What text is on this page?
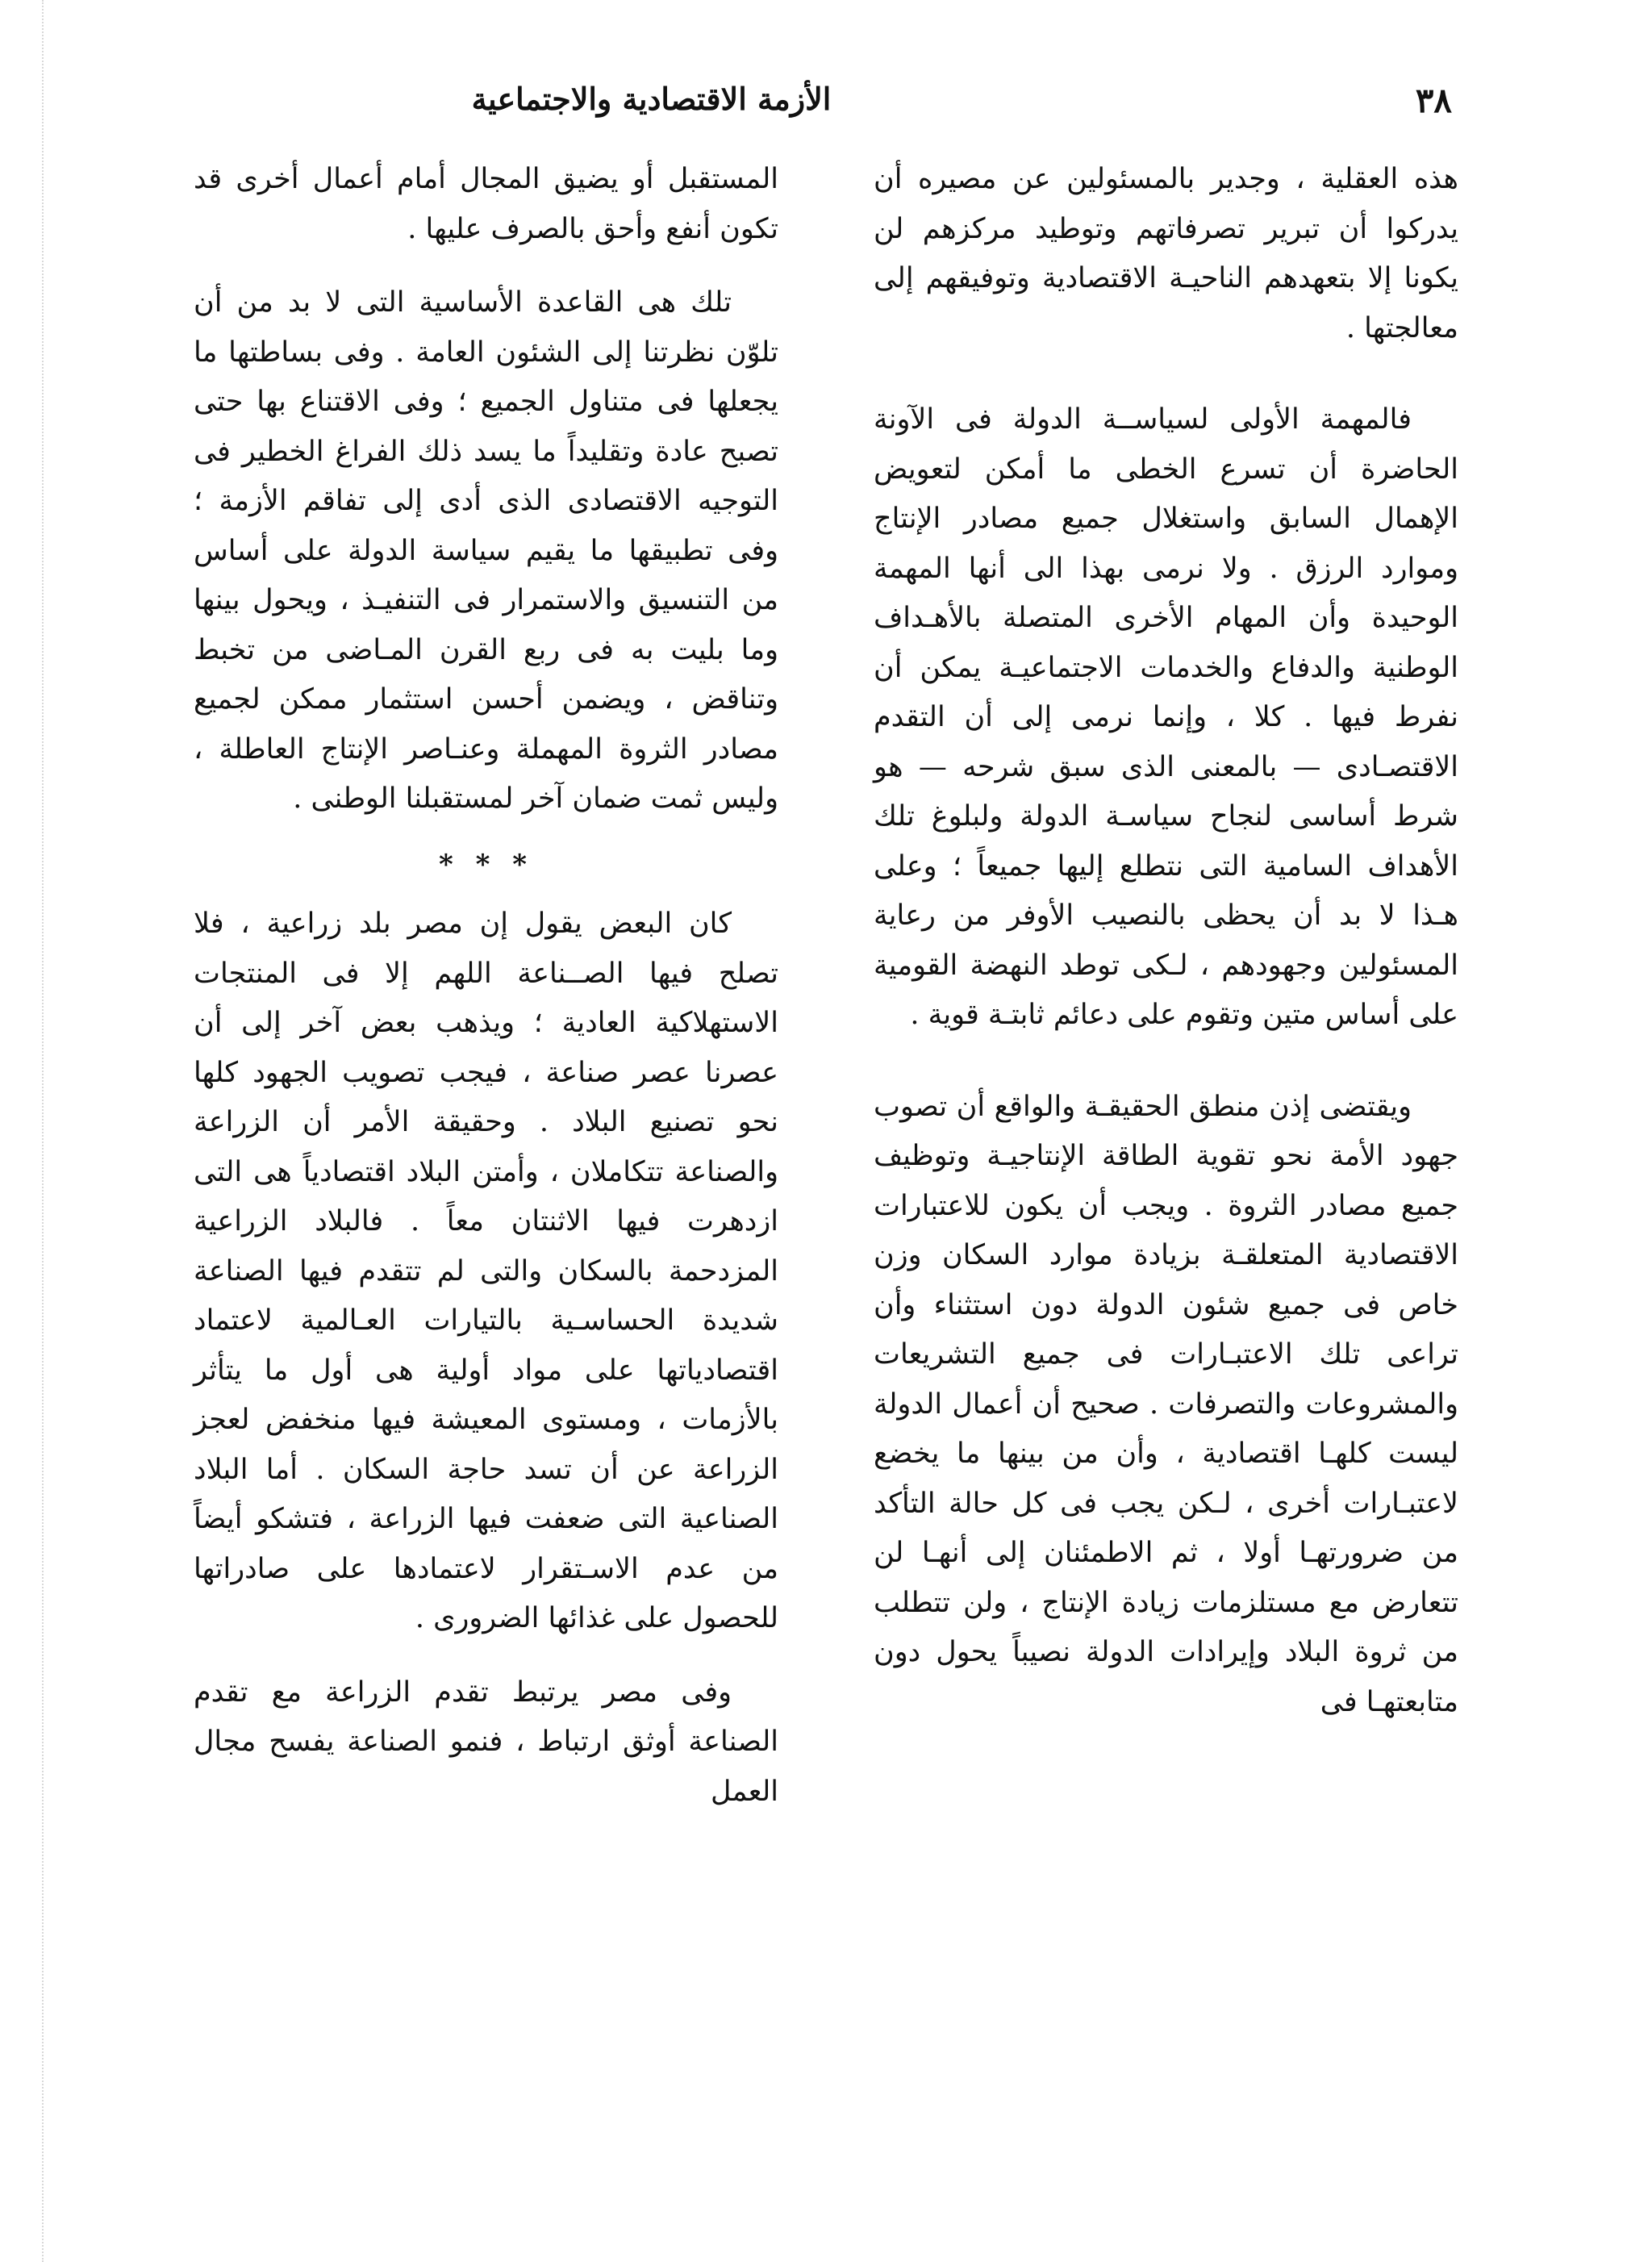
٣٨
الأزمة الاقتصادية والاجتماعية

هذه العقلية ، وجدير بالمسئولين عن مصيره أن يدركوا أن تبرير تصرفاتهم وتوطيد مركزهم لن يكونا إلا بتعهدهم الناحيـة الاقتصادية وتوفيقهم إلى معالجتها .

فالمهمة الأولى لسياســة الدولة فى الآونة الحاضرة أن تسرع الخطى ما أمكن لتعويض الإهمال السابق واستغلال جميع مصادر الإنتاج وموارد الرزق . ولا نرمى بهذا الى أنها المهمة الوحيدة وأن المهام الأخرى المتصلة بالأهـداف الوطنية والدفاع والخدمات الاجتماعيـة يمكن أن نفرط فيها . كلا ، وإنما نرمى إلى أن التقدم الاقتصـادى — بالمعنى الذى سبق شرحه — هو شرط أساسى لنجاح سياسـة الدولة ولبلوغ تلك الأهداف السامية التى نتطلع إليها جميعاً ؛ وعلى هـذا لا بد أن يحظى بالنصيب الأوفر من رعاية المسئولين وجهودهم ، لـكى توطد النهضة القومية على أساس متين وتقوم على دعائم ثابتـة قوية .

ويقتضى إذن منطق الحقيقـة والواقع أن تصوب جهود الأمة نحو تقوية الطاقة الإنتاجيـة وتوظيف جميع مصادر الثروة . ويجب أن يكون للاعتبارات الاقتصادية المتعلقـة بزيادة موارد السكان وزن خاص فى جميع شئون الدولة دون استثناء وأن تراعى تلك الاعتبـارات فى جميع التشريعات والمشروعات والتصرفات . صحيح أن أعمال الدولة ليست كلهـا اقتصادية ، وأن من بينها ما يخضع لاعتبـارات أخرى ، لـكن يجب فى كل حالة التأكد من ضرورتهـا أولا ، ثم الاطمئنان إلى أنهـا لن تتعارض مع مستلزمات زيادة الإنتاج ، ولن تتطلب من ثروة البلاد وإيرادات الدولة نصيباً يحول دون متابعتهـا فى

المستقبل أو يضيق المجال أمام أعمال أخرى قد تكون أنفع وأحق بالصرف عليها .

تلك هى القاعدة الأساسية التى لا بد من أن تلوّن نظرتنا إلى الشئون العامة . وفى بساطتها ما يجعلها فى متناول الجميع ؛ وفى الاقتناع بها حتى تصبح عادة وتقليداً ما يسد ذلك الفراغ الخطير فى التوجيه الاقتصادى الذى أدى إلى تفاقم الأزمة ؛ وفى تطبيقها ما يقيم سياسة الدولة على أساس من التنسيق والاستمرار فى التنفيـذ ، ويحول بينها وما بليت به فى ربع القرن المـاضى من تخبط وتناقض ، ويضمن أحسن استثمار ممكن لجميع مصادر الثروة المهملة وعنـاصر الإنتاج العاطلة ، وليس ثمت ضمان آخر لمستقبلنا الوطنى .

* * *

كان البعض يقول إن مصر بلد زراعية ، فلا تصلح فيها الصــناعة اللهم إلا فى المنتجات الاستهلاكية العادية ؛ ويذهب بعض آخر إلى أن عصرنا عصر صناعة ، فيجب تصويب الجهود كلها نحو تصنيع البلاد . وحقيقة الأمر أن الزراعة والصناعة تتكاملان ، وأمتن البلاد اقتصادياً هى التى ازدهرت فيها الاثنتان معاً . فالبلاد الزراعية المزدحمة بالسكان والتى لم تتقدم فيها الصناعة شديدة الحساسـية بالتيارات العـالمية لاعتماد اقتصادياتها على مواد أولية هى أول ما يتأثر بالأزمات ، ومستوى المعيشة فيها منخفض لعجز الزراعة عن أن تسد حاجة السكان . أما البلاد الصناعية التى ضعفت فيها الزراعة ، فتشكو أيضاً من عدم الاسـتقرار لاعتمادها على صادراتها للحصول على غذائها الضرورى .

وفى مصر يرتبط تقدم الزراعة مع تقدم الصناعة أوثق ارتباط ، فنمو الصناعة يفسح مجال العمل
